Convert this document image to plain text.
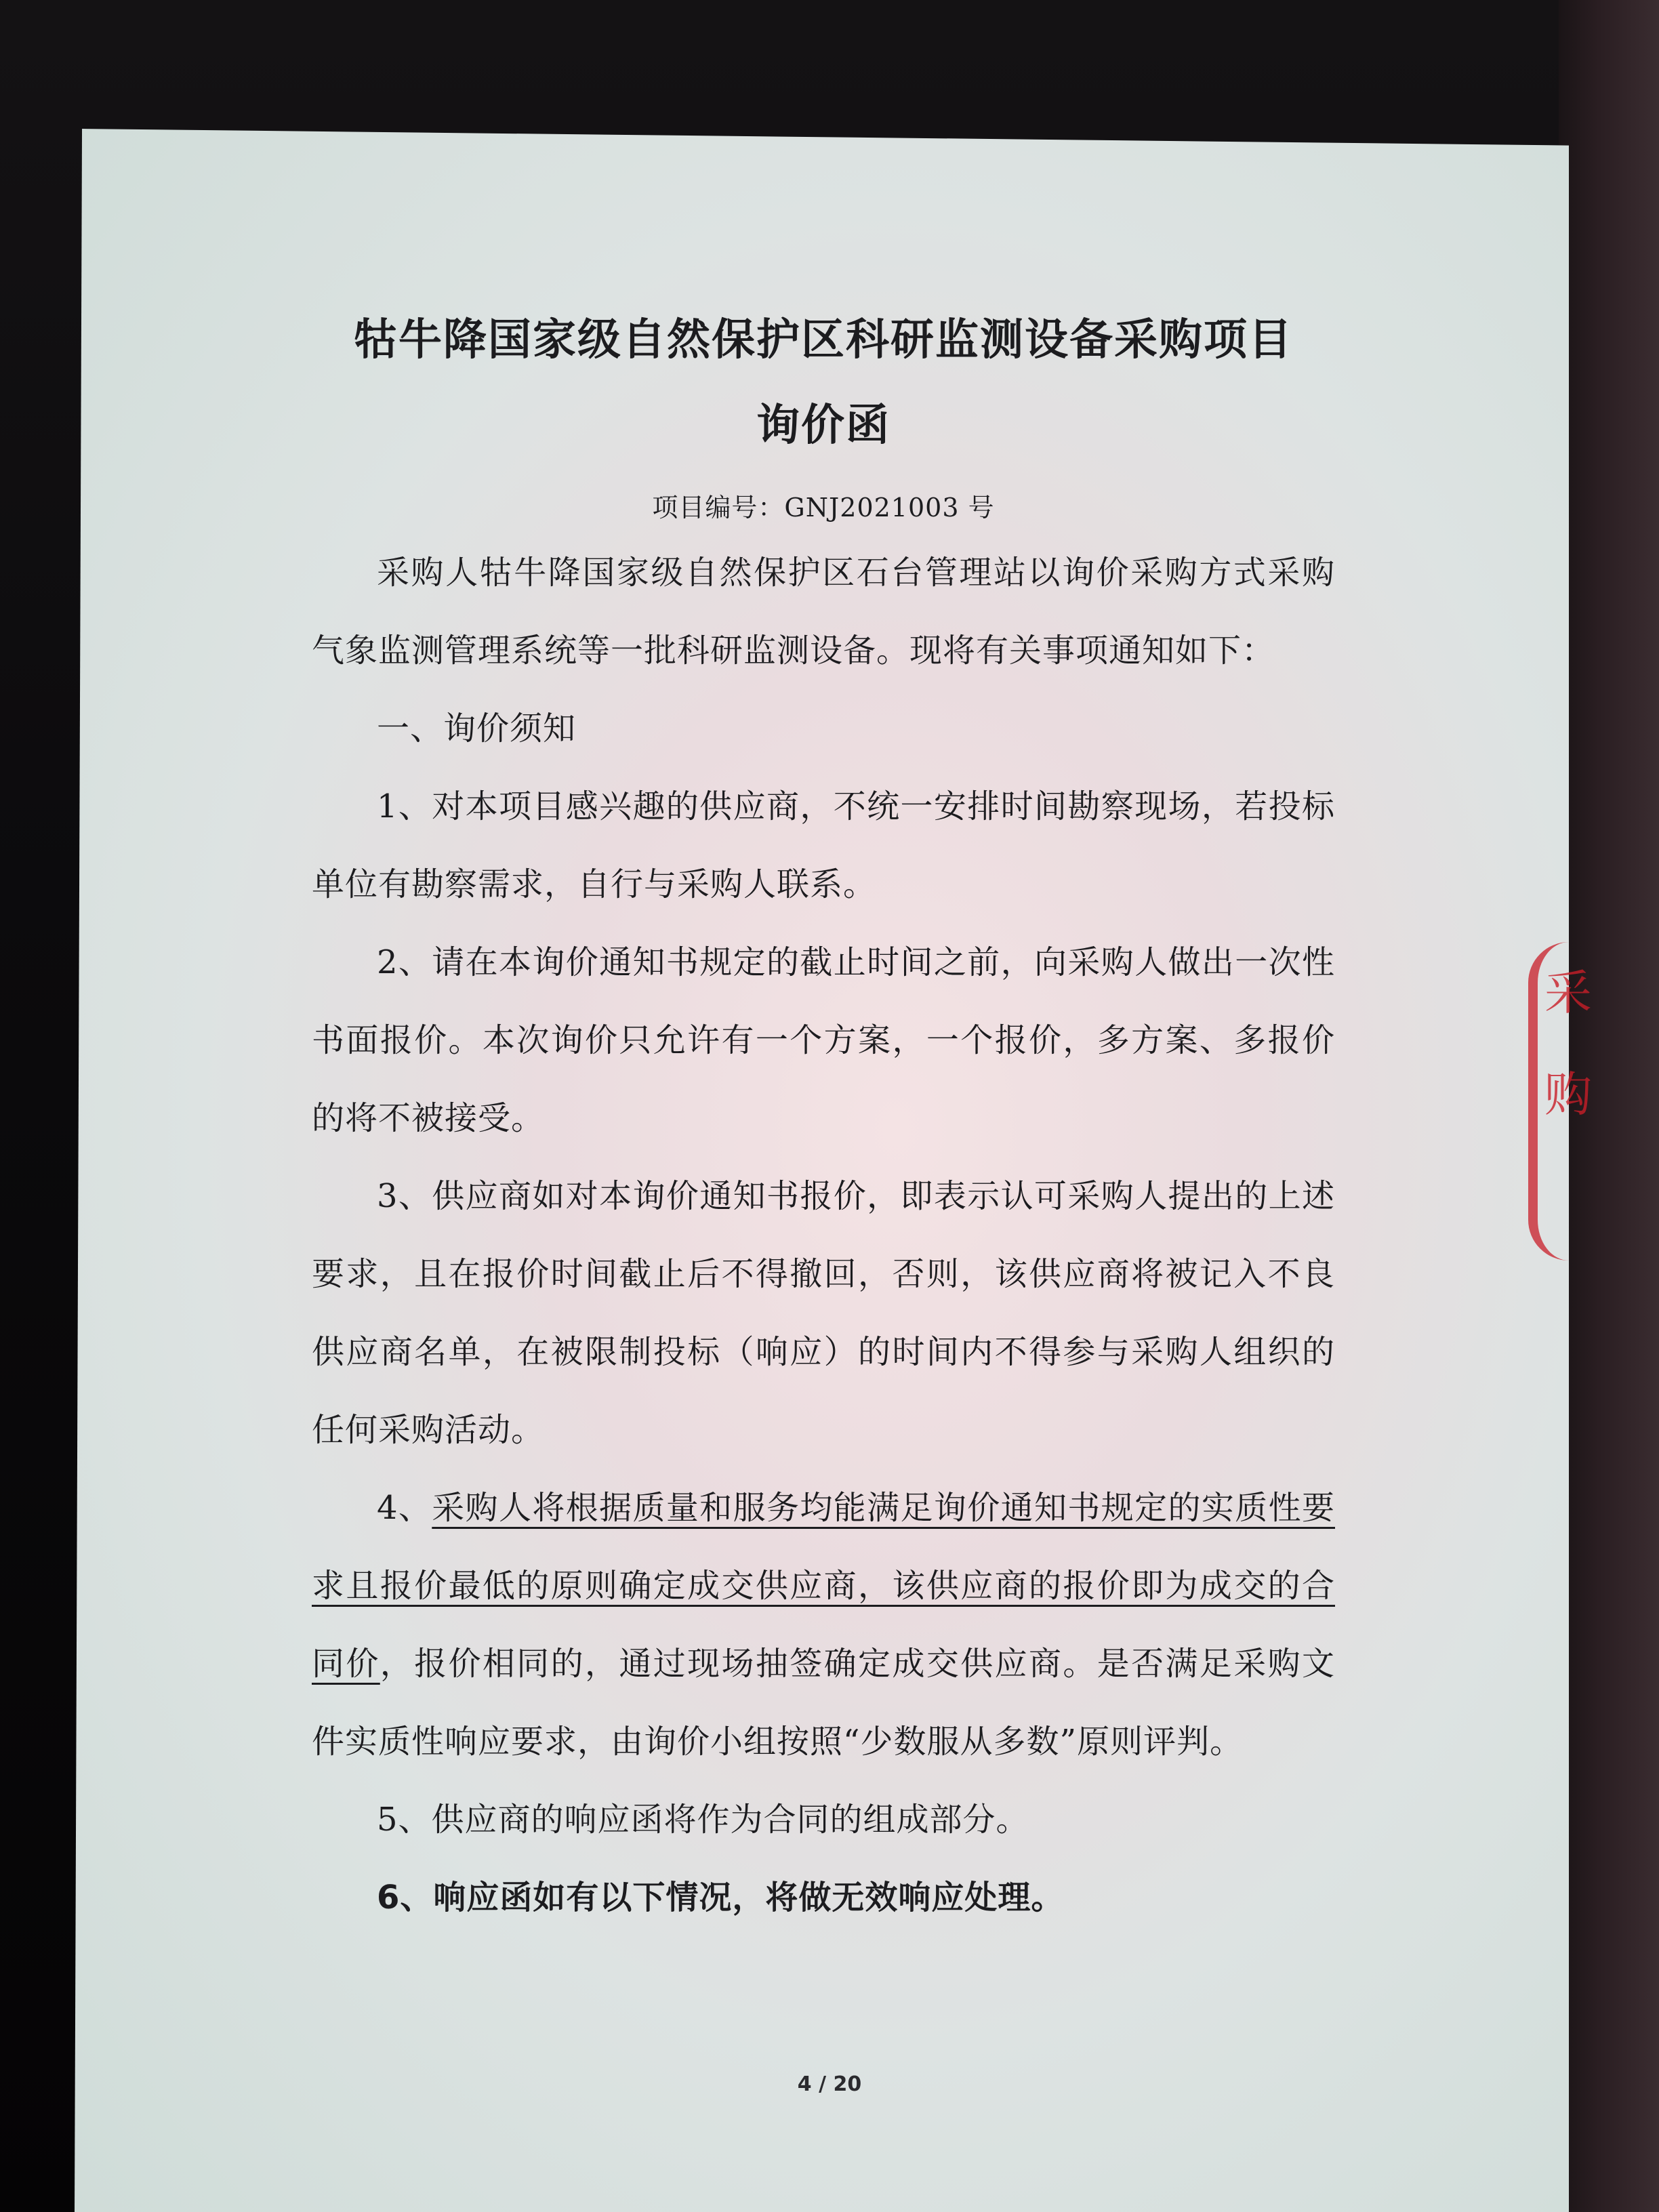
采购

牯牛降国家级自然保护区科研监测设备采购项目

询价函

项目编号：GNJ2021003 号

采购人牯牛降国家级自然保护区石台管理站以询价采购方式采购气象监测管理系统等一批科研监测设备。现将有关事项通知如下：

一、询价须知

1、对本项目感兴趣的供应商，不统一安排时间勘察现场，若投标单位有勘察需求，自行与采购人联系。

2、请在本询价通知书规定的截止时间之前，向采购人做出一次性书面报价。本次询价只允许有一个方案，一个报价，多方案、多报价的将不被接受。

3、供应商如对本询价通知书报价，即表示认可采购人提出的上述要求，且在报价时间截止后不得撤回，否则，该供应商将被记入不良供应商名单，在被限制投标（响应）的时间内不得参与采购人组织的任何采购活动。

4、采购人将根据质量和服务均能满足询价通知书规定的实质性要求且报价最低的原则确定成交供应商，该供应商的报价即为成交的合同价，报价相同的，通过现场抽签确定成交供应商。是否满足采购文件实质性响应要求，由询价小组按照“少数服从多数”原则评判。

5、供应商的响应函将作为合同的组成部分。

6、响应函如有以下情况，将做无效响应处理。

4 / 20
